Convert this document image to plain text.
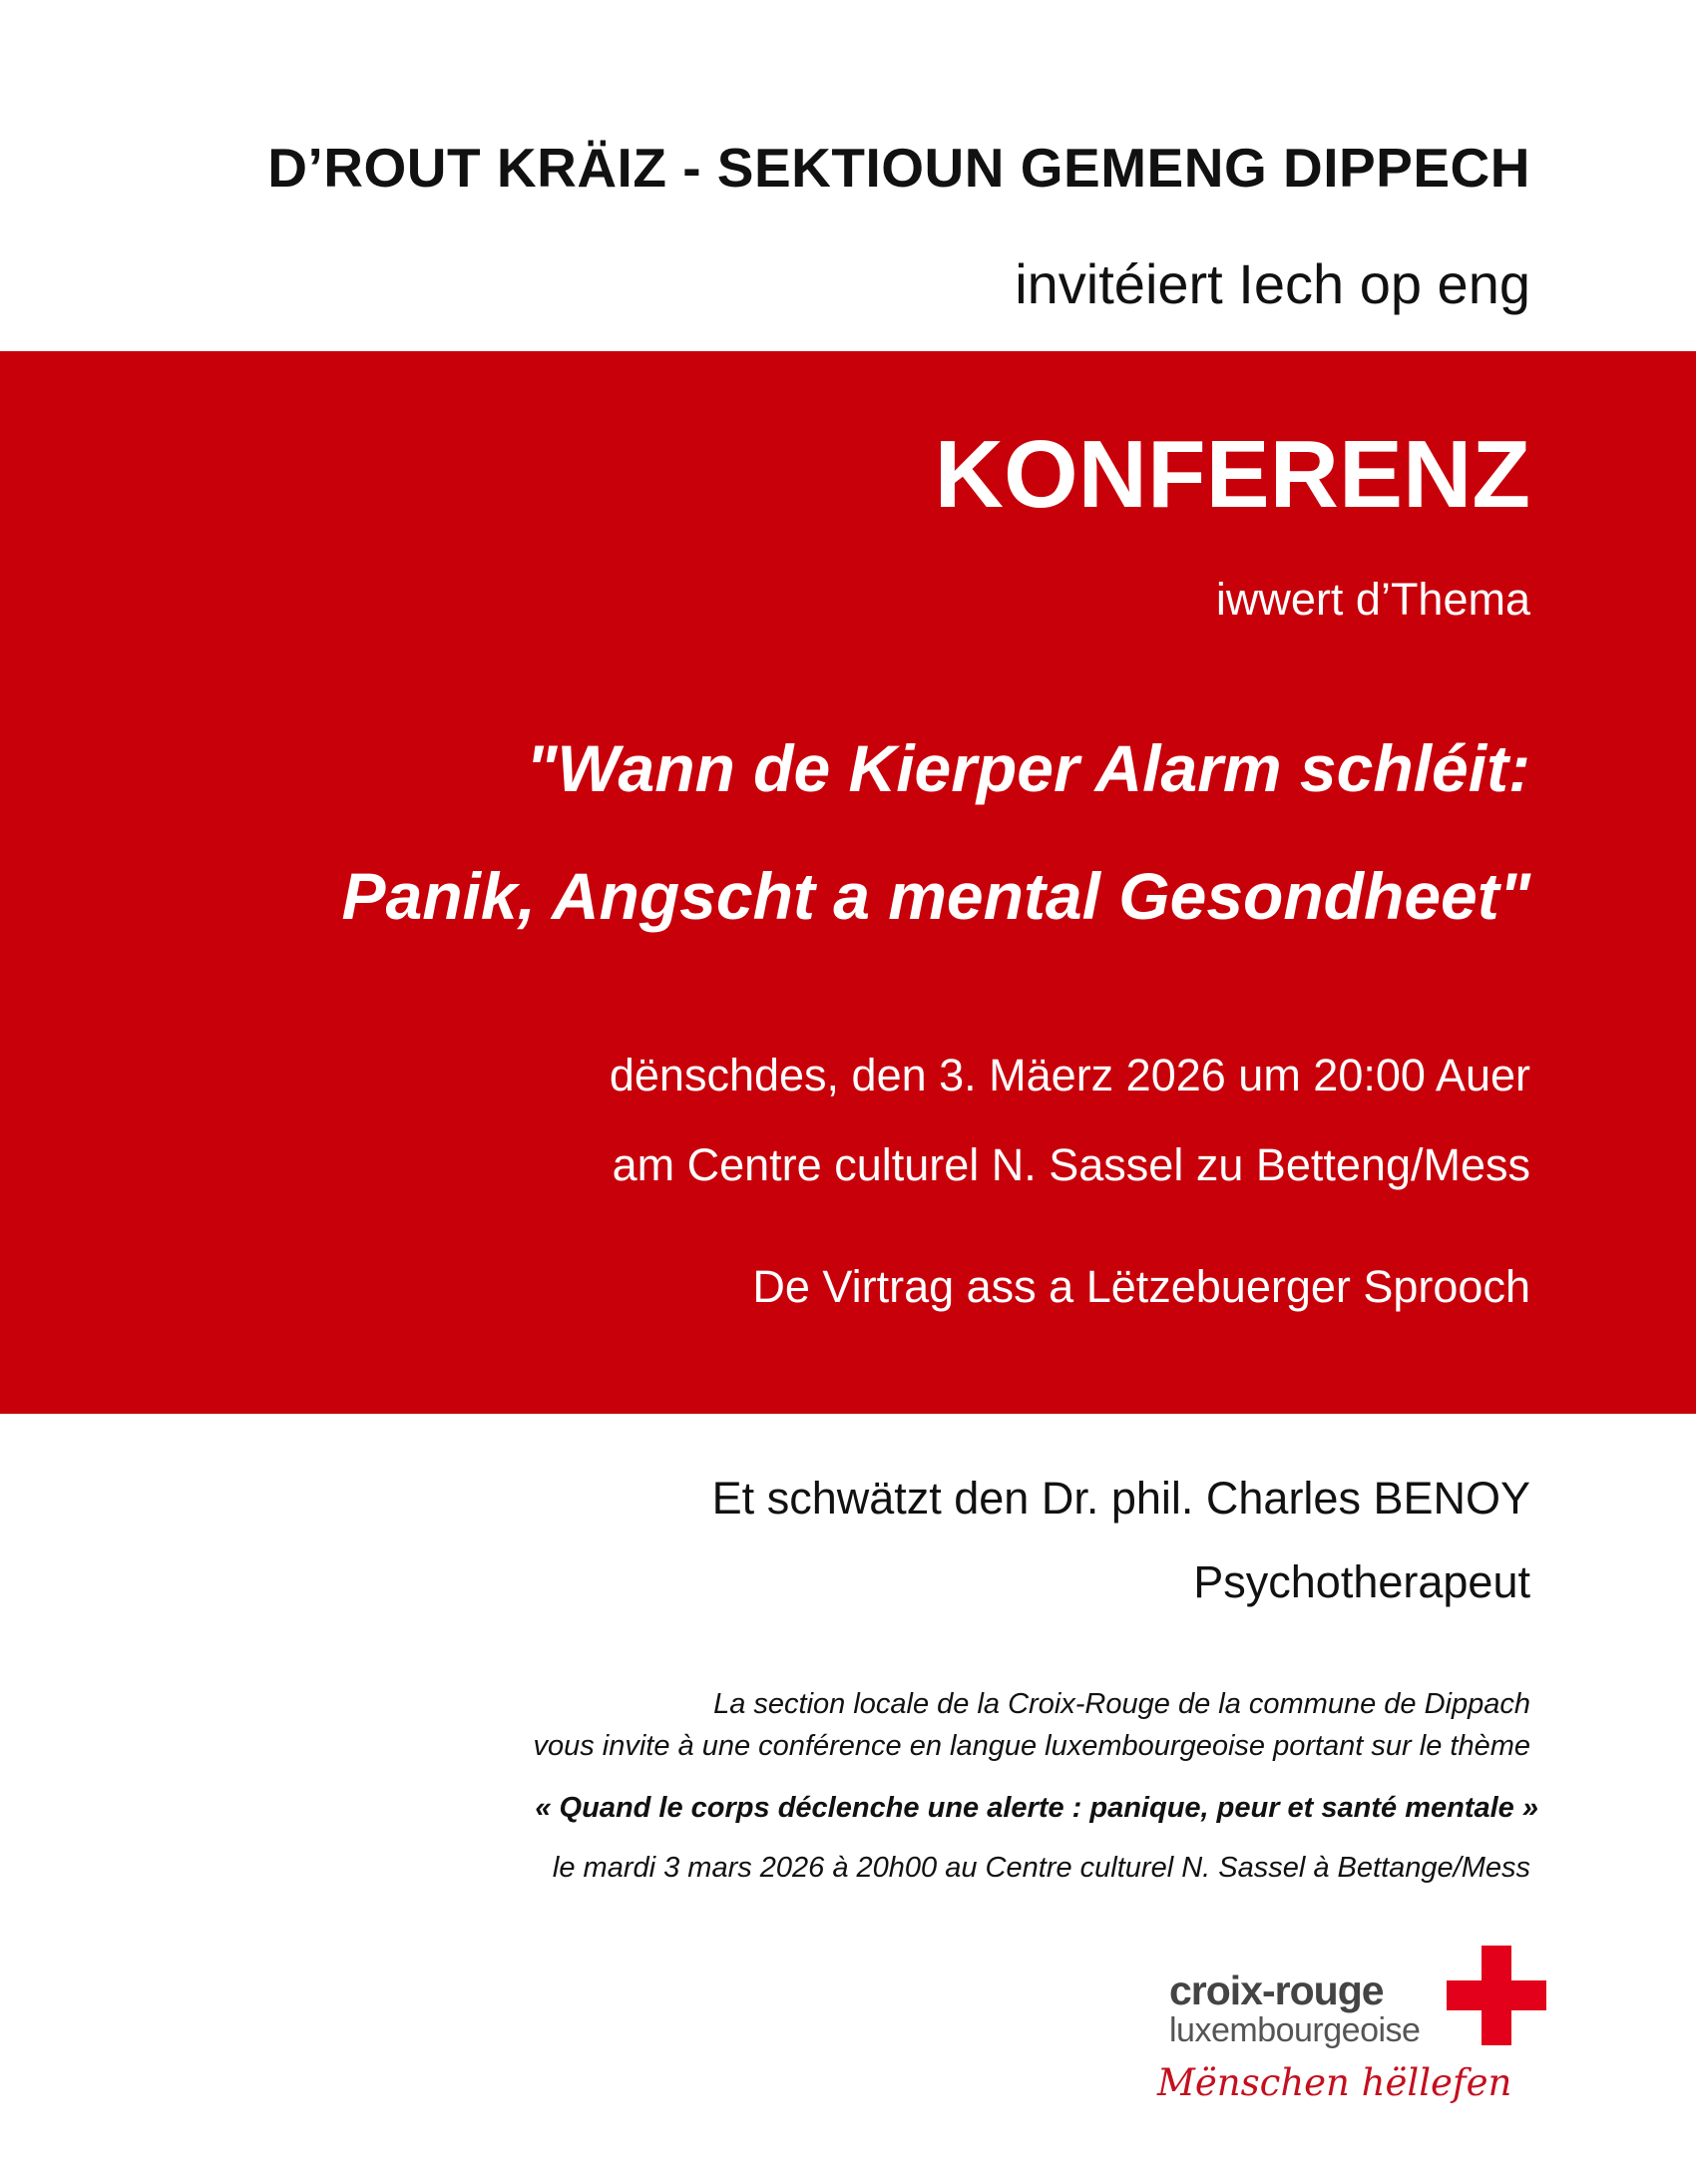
D’ROUT KRÄIZ - SEKTIOUN GEMENG DIPPECH
invitéiert Iech op eng
KONFERENZ
iwwert d’Thema
"Wann de Kierper Alarm schléit:
Panik, Angscht a mental Gesondheet"
dënschdes, den 3. Mäerz 2026 um 20:00 Auer
am Centre culturel N. Sassel zu Betteng/Mess
De Virtrag ass a Lëtzebuerger Sprooch
Et schwätzt den Dr. phil. Charles BENOY
Psychotherapeut
La section locale de la Croix-Rouge de la commune de Dippach
vous invite à une conférence en langue luxembourgeoise portant sur le thème
« Quand le corps déclenche une alerte : panique, peur et santé mentale »
le mardi 3 mars 2026 à 20h00 au Centre culturel N. Sassel à Bettange/Mess
croix-rouge
luxembourgeoise
Mënschen hëllefen
